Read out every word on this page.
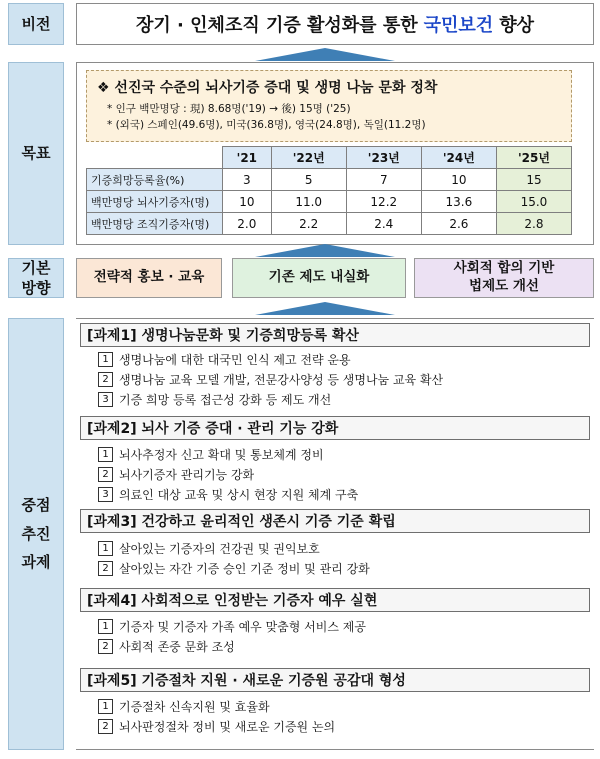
비전	장기 · 인체조직 기증 활성화를 통한 국민보건 향상
목표
❖ 선진국 수준의 뇌사기증 증대 및 생명 나눔 문화 정착
* 인구 백만명당 : 現) 8.68명('19) → 後) 15명 ('25)
* (외국) 스페인(49.6명), 미국(36.8명), 영국(24.8명), 독일(11.2명)
	'21	'22년	'23년	'24년	'25년
기증희망등록율(%)	3	5	7	10	15
백만명당 뇌사기증자(명)	10	11.0	12.2	13.6	15.0
백만명당 조직기증자(명)	2.0	2.2	2.4	2.6	2.8
기본
방향
전략적 홍보 · 교육	기존 제도 내실화
사회적 합의 기반
법제도 개선
중점
추진
과제
[과제1] 생명나눔문화 및 기증희망등록 확산
1 생명나눔에 대한 대국민 인식 제고 전략 운용
2 생명나눔 교육 모델 개발, 전문강사양성 등 생명나눔 교육 확산
3 기증 희망 등록 접근성 강화 등 제도 개선
[과제2] 뇌사 기증 증대 · 관리 기능 강화
1 뇌사추정자 신고 확대 및 통보체계 정비
2 뇌사기증자 관리기능 강화
3 의료인 대상 교육 및 상시 현장 지원 체계 구축
[과제3] 건강하고 윤리적인 생존시 기증 기준 확립
1 살아있는 기증자의 건강권 및 권익보호
2 살아있는 자간 기증 승인 기준 정비 및 관리 강화
[과제4] 사회적으로 인정받는 기증자 예우 실현
1 기증자 및 기증자 가족 예우 맞춤형 서비스 제공
2 사회적 존중 문화 조성
[과제5] 기증절차 지원 · 새로운 기증원 공감대 형성
1 기증절차 신속지원 및 효율화
2 뇌사판정절차 정비 및 새로운 기증원 논의
